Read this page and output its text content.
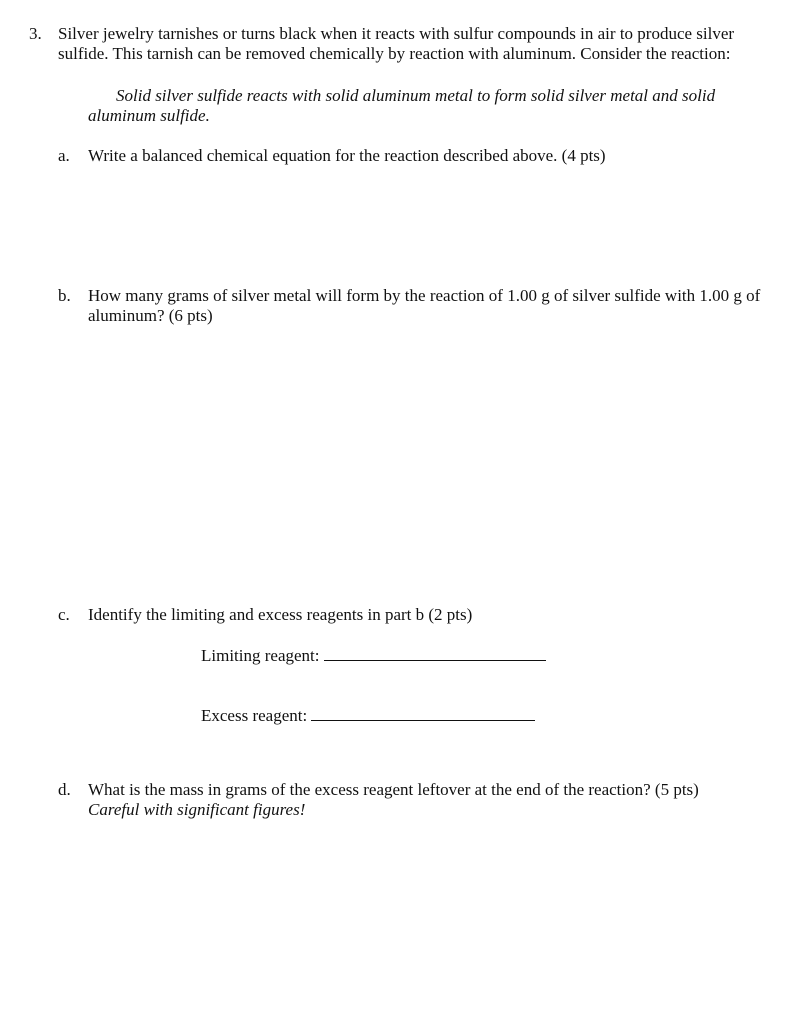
3. Silver jewelry tarnishes or turns black when it reacts with sulfur compounds in air to produce silver sulfide. This tarnish can be removed chemically by reaction with aluminum. Consider the reaction:
Solid silver sulfide reacts with solid aluminum metal to form solid silver metal and solid aluminum sulfide.
a. Write a balanced chemical equation for the reaction described above. (4 pts)
b. How many grams of silver metal will form by the reaction of 1.00 g of silver sulfide with 1.00 g of aluminum? (6 pts)
c. Identify the limiting and excess reagents in part b (2 pts)
Limiting reagent:
Excess reagent:
d. What is the mass in grams of the excess reagent leftover at the end of the reaction? (5 pts)
Careful with significant figures!
